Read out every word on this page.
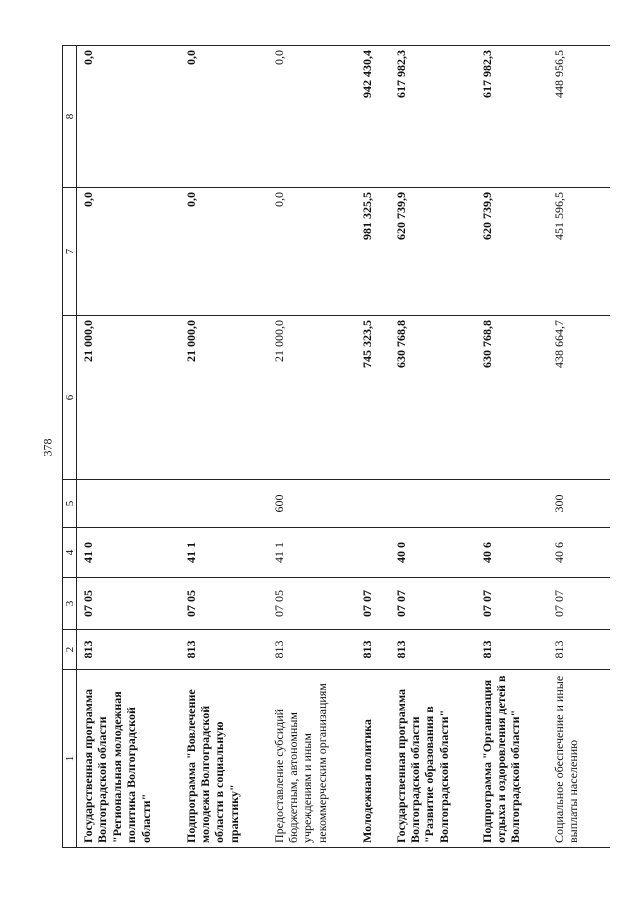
378
1	2	3	4	5	6	7	8
Государственная программа Волгоградской области "Региональная молодежная политика Волгоградской области"	813	07 05	41 0		21 000,0	0,0	0,0
Подпрограмма "Вовлечение молодежи Волгоградской области в социальную практику"	813	07 05	41 1		21 000,0	0,0	0,0
Предоставление субсидий бюджетным, автономным учреждениям и иным некоммерческим организациям	813	07 05	41 1	600	21 000,0	0,0	0,0
Молодежная политика	813	07 07			745 323,5	981 325,5	942 430,4
Государственная программа Волгоградской области "Развитие образования в Волгоградской области"	813	07 07	40 0		630 768,8	620 739,9	617 982,3
Подпрограмма "Организация отдыха и оздоровления детей в Волгоградской области"	813	07 07	40 6		630 768,8	620 739,9	617 982,3
Социальное обеспечение и иные выплаты населению	813	07 07	40 6	300	438 664,7	451 596,5	448 956,5
